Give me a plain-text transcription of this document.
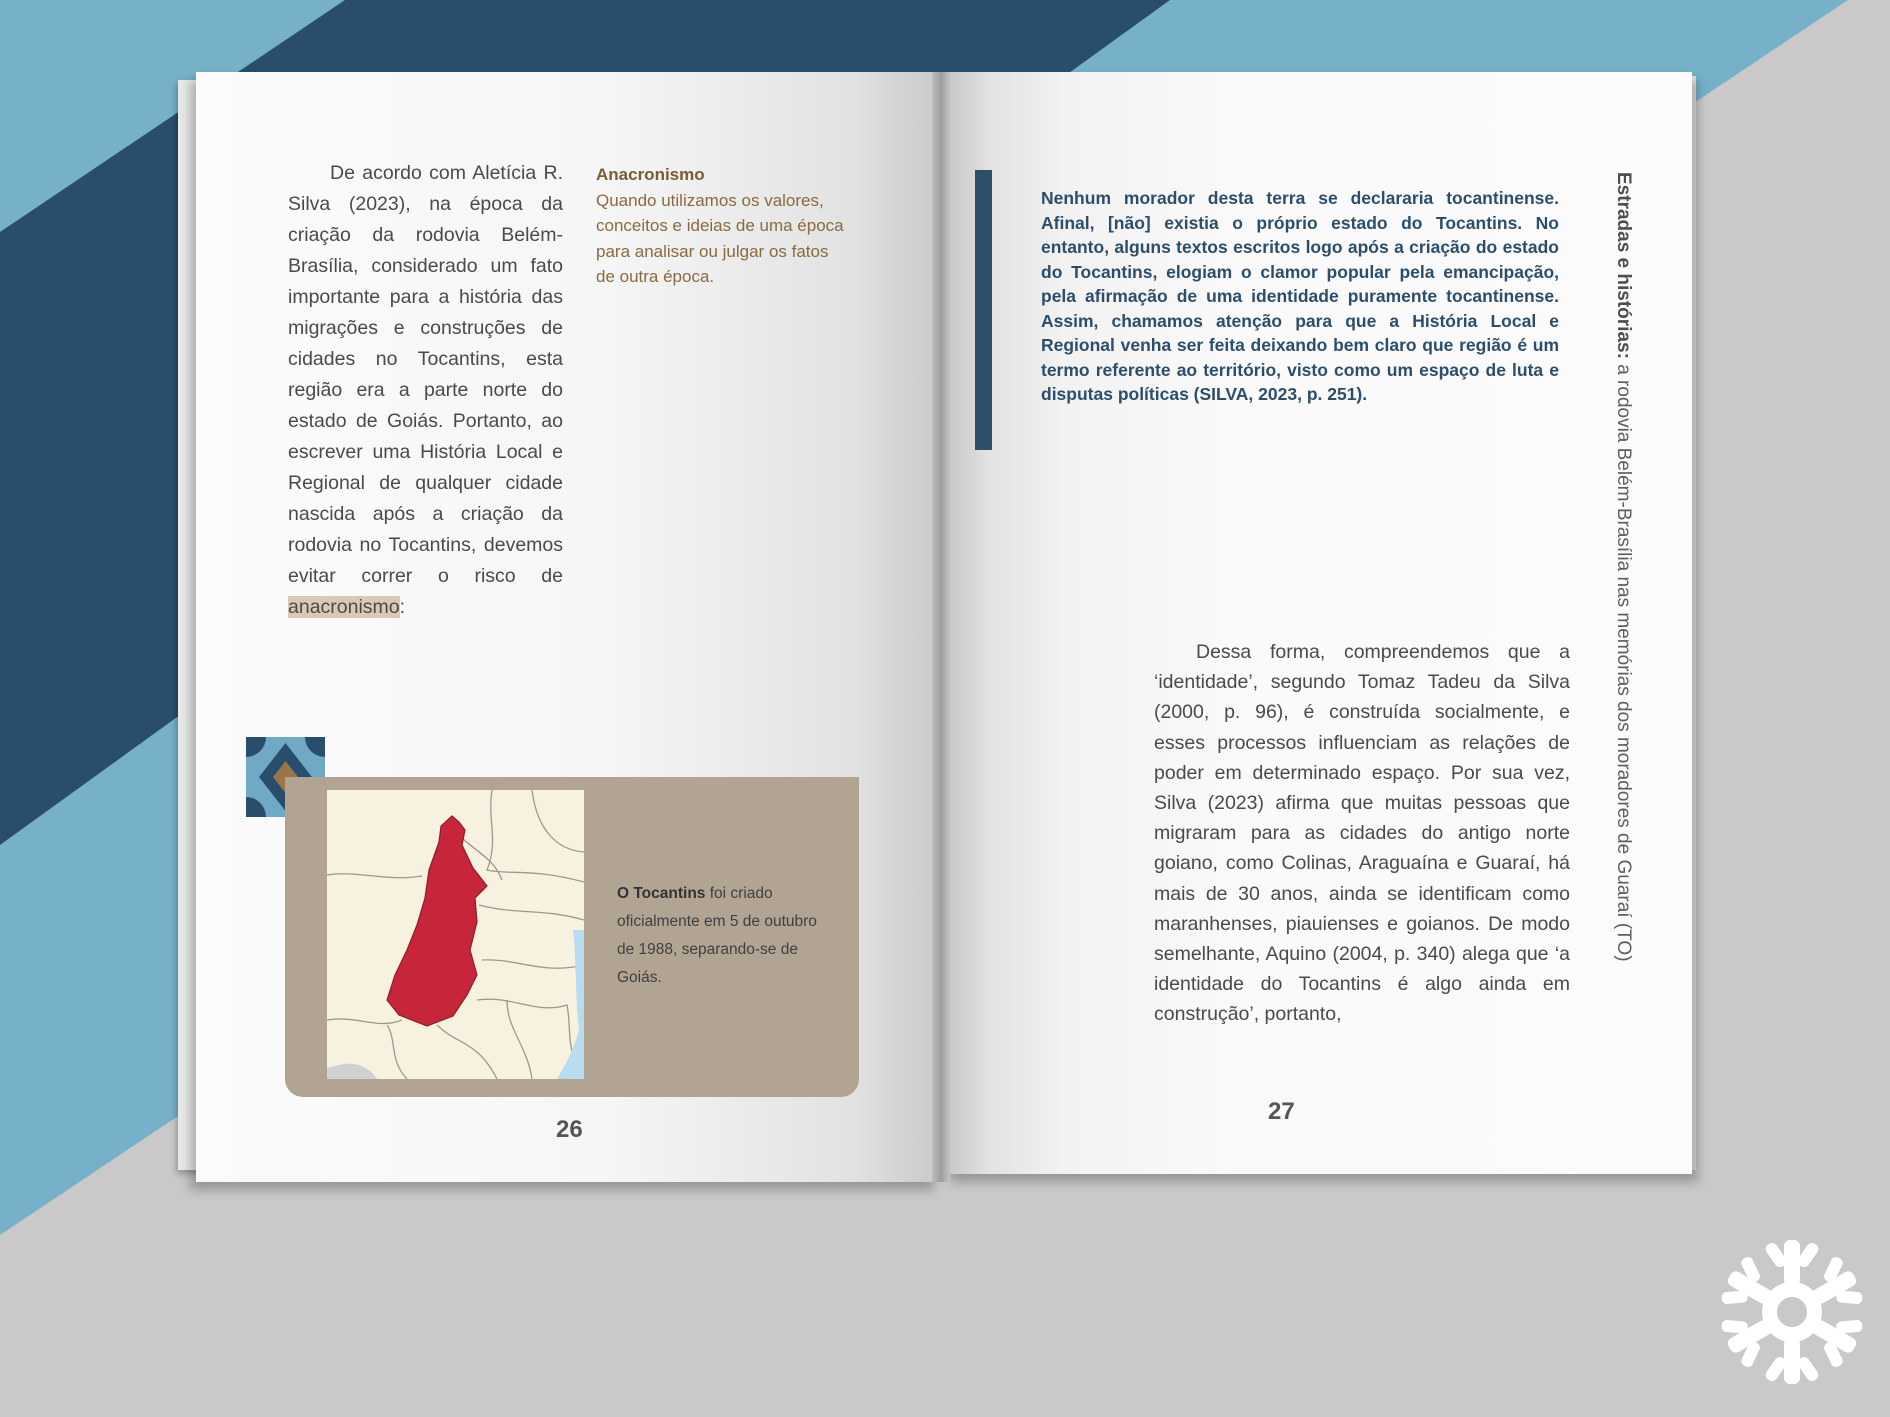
De acordo com Aletícia R. Silva (2023), na época da criação da rodovia Belém-Brasília, considerado um fato importante para a história das migrações e construções de cidades no Tocantins, esta região era a parte norte do estado de Goiás. Portanto, ao escrever uma História Local e Regional de qualquer cidade nascida após a criação da rodovia no Tocantins, devemos evitar correr o risco de anacronismo:

Anacronismo
Quando utilizamos os valores, conceitos e ideias de uma época para analisar ou julgar os fatos de outra época.
O Tocantins foi criado oficialmente em 5 de outubro de 1988, separando-se de Goiás.
26
Nenhum morador desta terra se declararia tocantinense. Afinal, [não] existia o próprio estado do Tocantins. No entanto, alguns textos escritos logo após a criação do estado do Tocantins, elogiam o clamor popular pela emancipação, pela afirmação de uma identidade puramente tocantinense. Assim, chamamos atenção para que a História Local e Regional venha ser feita deixando bem claro que região é um termo referente ao território, visto como um espaço de luta e disputas políticas (SILVA, 2023, p. 251).

Dessa forma, compreendemos que a ‘identidade’, segundo Tomaz Tadeu da Silva (2000, p. 96), é construída socialmente, e esses processos influenciam as relações de poder em determinado espaço. Por sua vez, Silva (2023) afirma que muitas pessoas que migraram para as cidades do antigo norte goiano, como Colinas, Araguaína e Guaraí, há mais de 30 anos, ainda se identificam como maranhenses, piauienses e goianos. De modo semelhante, Aquino (2004, p. 340) alega que ‘a identidade do Tocantins é algo ainda em construção’, portanto,

27
Estradas e histórias: a rodovia Belém-Brasília nas memórias dos moradores de Guaraí (TO)
